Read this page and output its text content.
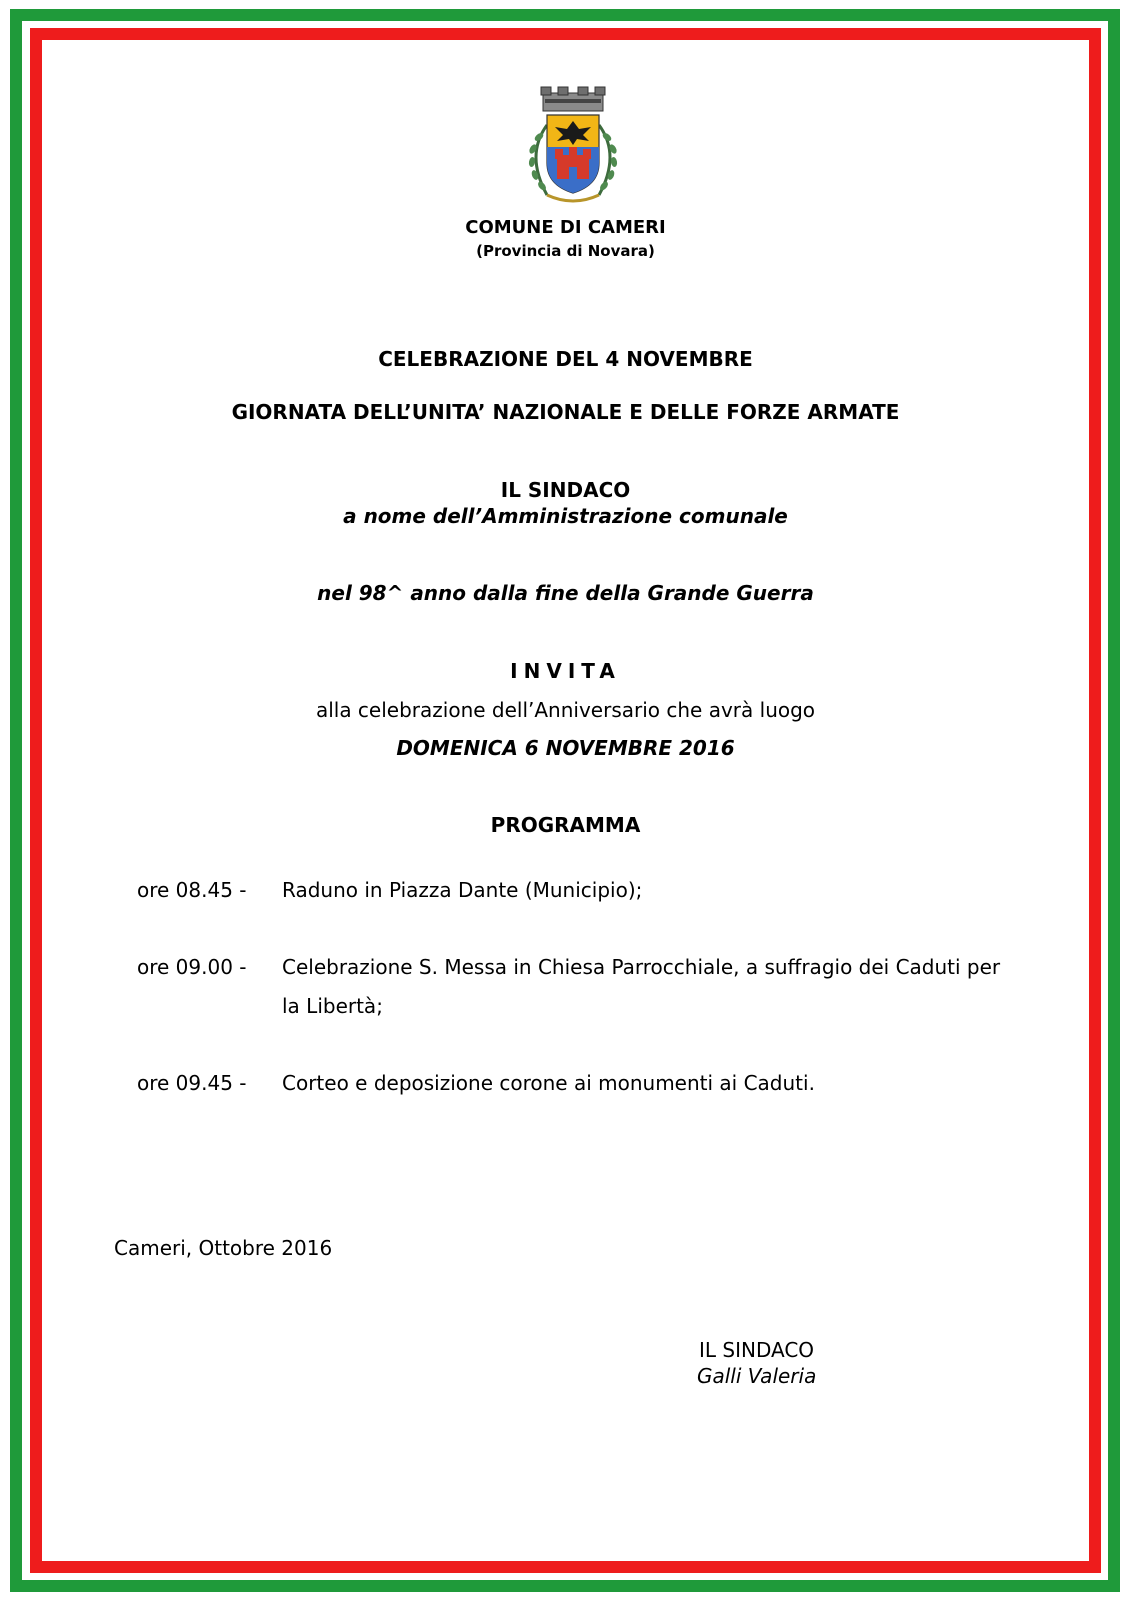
COMUNE DI CAMERI
(Provincia di Novara)
CELEBRAZIONE DEL 4 NOVEMBRE
GIORNATA DELL’UNITA’ NAZIONALE E DELLE FORZE ARMATE
IL SINDACO
a nome dell’Amministrazione comunale
nel 98^ anno dalla fine della Grande Guerra
INVITA
alla celebrazione dell’Anniversario che avrà luogo
DOMENICA 6 NOVEMBRE 2016
PROGRAMMA
ore 08.45 - Raduno in Piazza Dante (Municipio);
ore 09.00 - Celebrazione S. Messa in Chiesa Parrocchiale, a suffragio dei Caduti per la Libertà;
ore 09.45 - Corteo e deposizione corone ai monumenti ai Caduti.
Cameri, Ottobre 2016
IL SINDACO
Galli Valeria
